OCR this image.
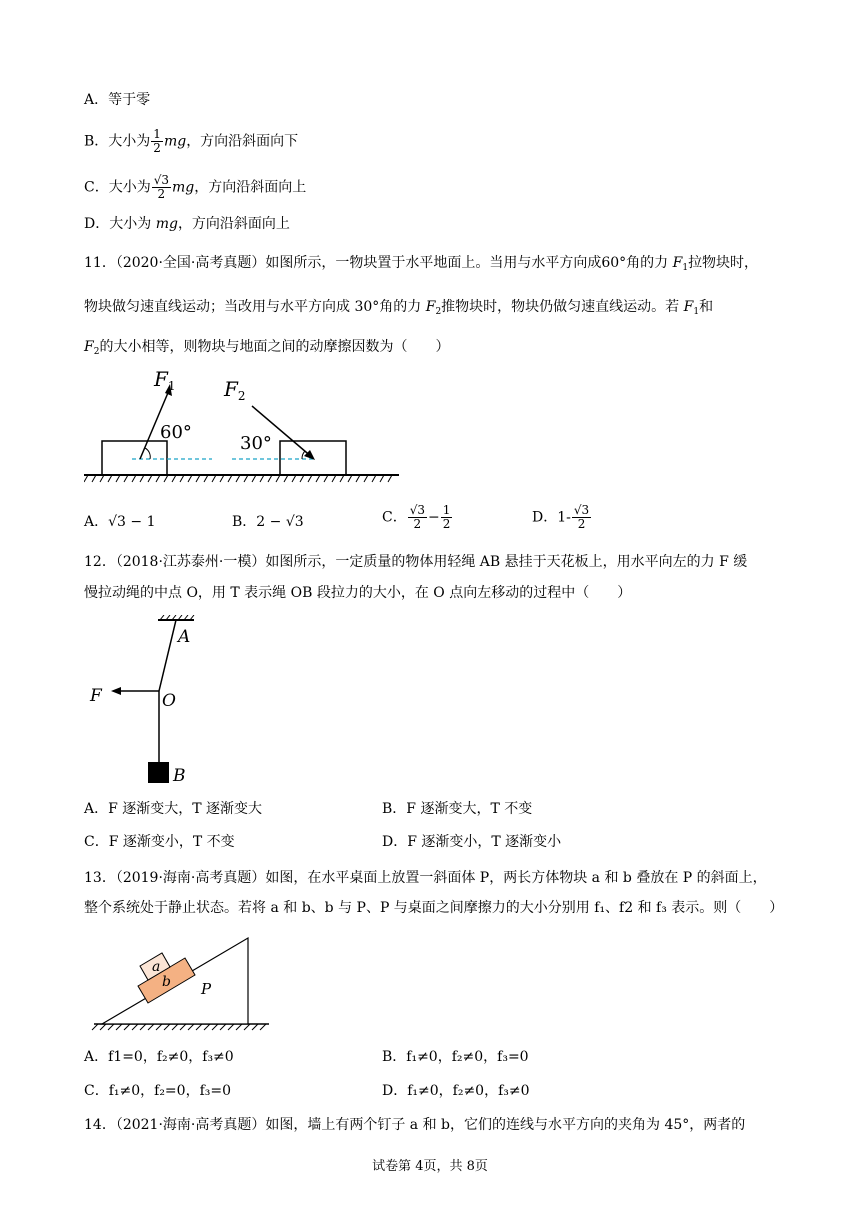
A．等于零
B．大小为 $\frac{1}{2}$ mg，方向沿斜面向下
C．大小为 $\frac{√3}{2}$ mg，方向沿斜面向上
D．大小为 mg，方向沿斜面向上
11．（2020·全国·高考真题）如图所示，一物块置于水平地面上。当用与水平方向成60°角的力 $F_1$拉物块时，
物块做匀速直线运动；当改用与水平方向成 30°角的力 $F_2$推物块时，物块仍做匀速直线运动。若 $F_1$和
$F_2$的大小相等，则物块与地面之间的动摩擦因数为（　　）
$F_1$
60°
$F_2$
30°
A．√3 − 1	B．2 − √3	C． $\frac{√3}{2} - \frac{1}{2}$	D．$1- \frac{√3}{2}$
12．（2018·江苏泰州·一模）如图所示，一定质量的物体用轻绳 AB 悬挂于天花板上，用水平向左的力 F 缓
慢拉动绳的中点 O，用 T 表示绳 OB 段拉力的大小，在 O 点向左移动的过程中（　　）
A
O
F
B
A．F 逐渐变大，T 逐渐变大	B．F 逐渐变大，T 不变
C．F 逐渐变小，T 不变	D．F 逐渐变小，T 逐渐变小
13．（2019·海南·高考真题）如图，在水平桌面上放置一斜面体 P，两长方体物块 a 和 b 叠放在 P 的斜面上，
整个系统处于静止状态。若将 a 和 b、b 与 P、P 与桌面之间摩擦力的大小分别用 f₁、f2 和 f₃ 表示。则（　　）
a
b P
A．f1=0，f₂≠0，f₃≠0	B．f₁≠0，f₂≠0，f₃=0
C．f₁≠0，f₂=0，f₃=0	D．f₁≠0，f₂≠0，f₃≠0
14．（2021·海南·高考真题）如图，墙上有两个钉子 a 和 b，它们的连线与水平方向的夹角为 45°，两者的
试卷第 4页，共 8页
